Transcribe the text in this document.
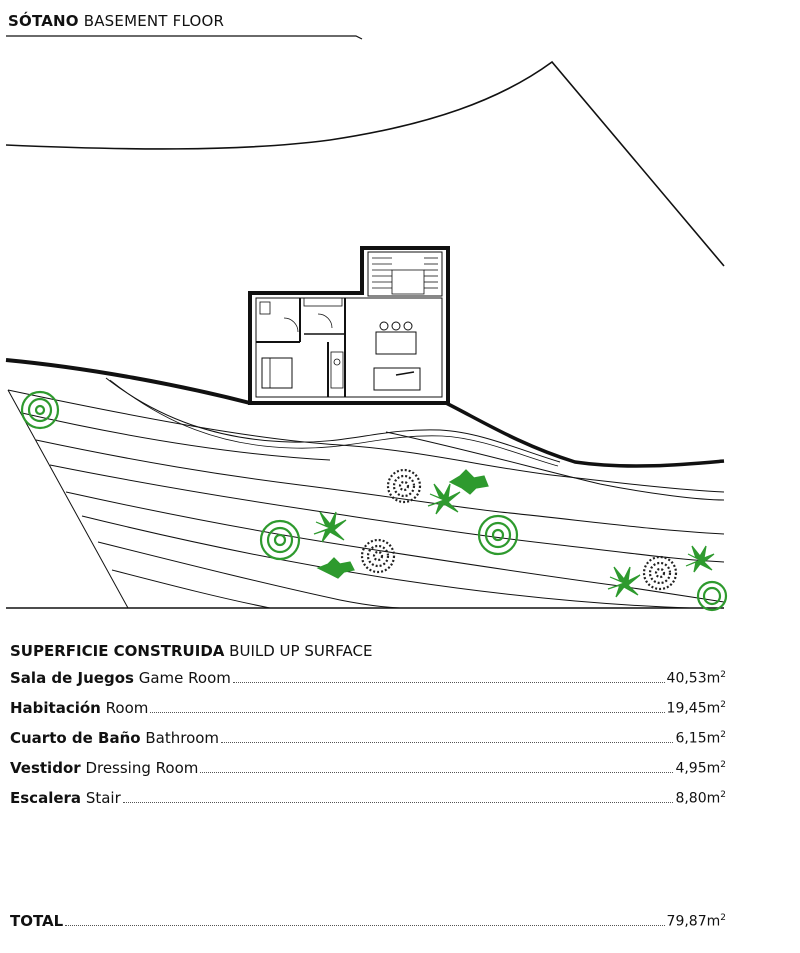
SÓTANO BASEMENT FLOOR
SUPERFICIE CONSTRUIDA BUILD UP SURFACE
Sala de Juegos Game Room	$40,53m^2$
Habitación Room	$19,45m^2$
Cuarto de Baño Bathroom	$6,15m^2$
Vestidor Dressing Room	$4,95m^2$
Escalera Stair	$8,80m^2$
TOTAL	$79,87m^2$
